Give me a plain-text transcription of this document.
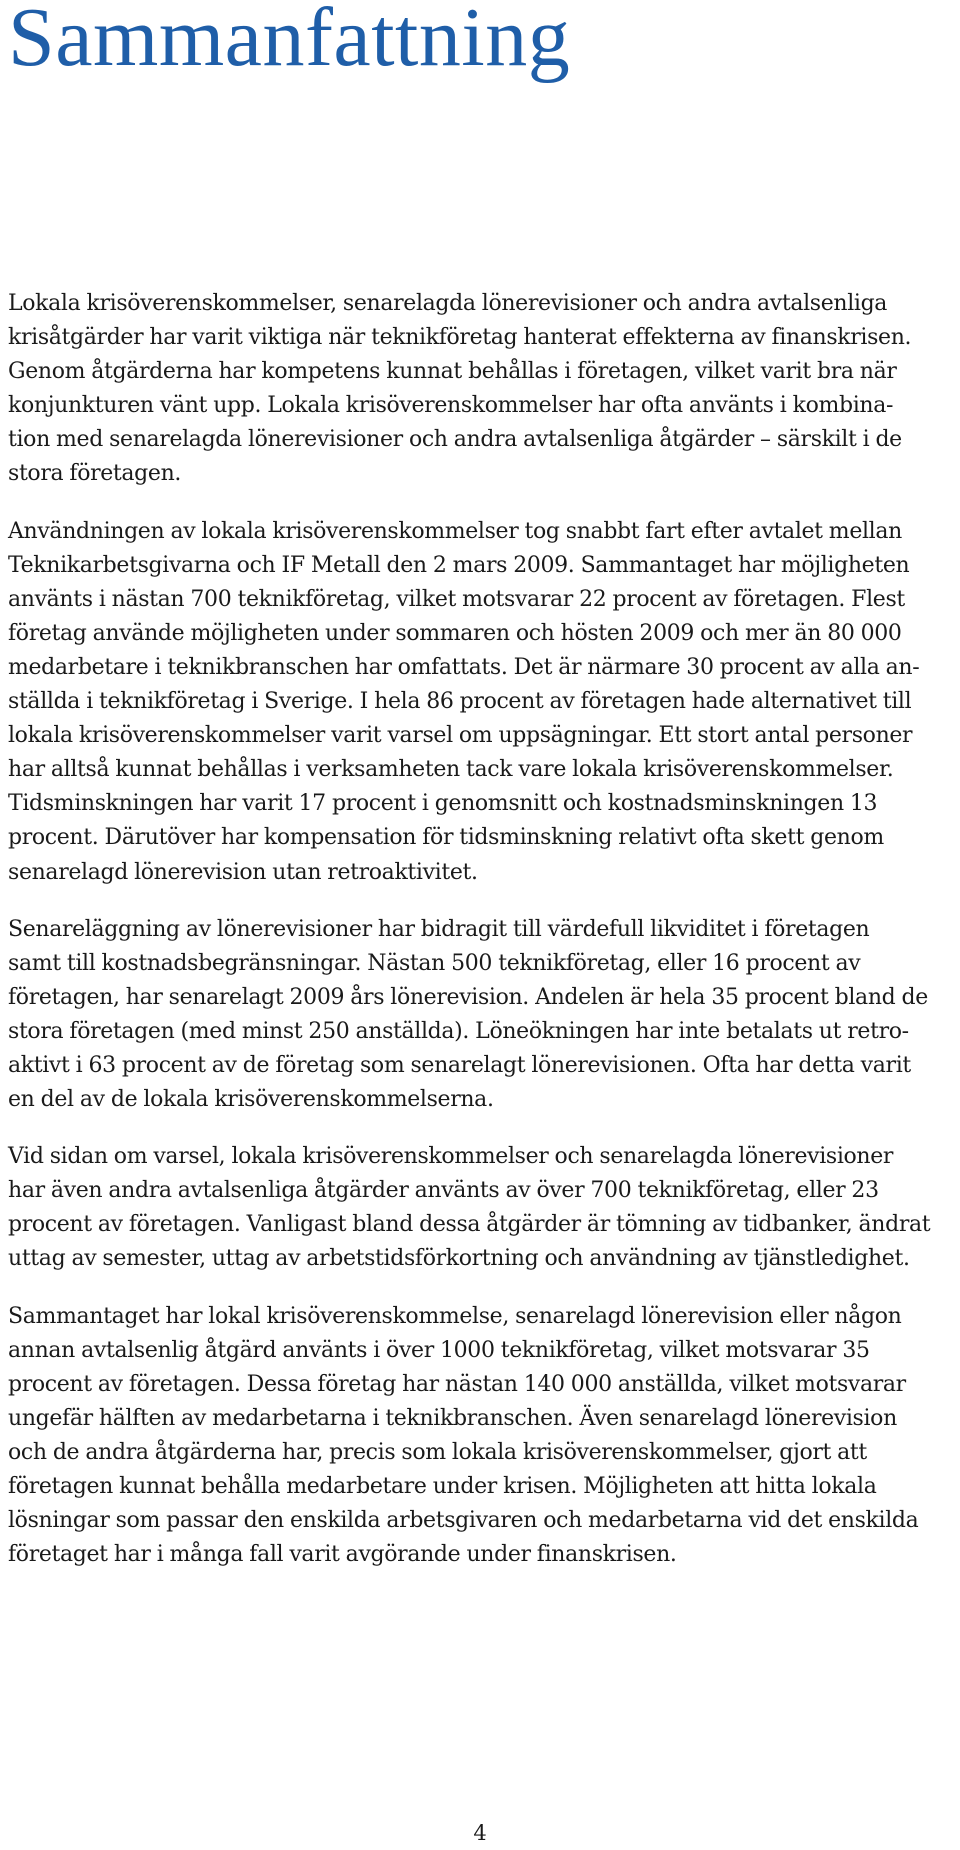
Sammanfattning

Lokala krisöverenskommelser, senarelagda lönerevisioner och andra avtalsenliga
krisåtgärder har varit viktiga när teknikföretag hanterat effekterna av finanskrisen.
Genom åtgärderna har kompetens kunnat behållas i företagen, vilket varit bra när
konjunkturen vänt upp. Lokala krisöverenskommelser har ofta använts i kombina-
tion med senarelagda lönerevisioner och andra avtalsenliga åtgärder – särskilt i de
stora företagen.

Användningen av lokala krisöverenskommelser tog snabbt fart efter avtalet mellan
Teknikarbetsgivarna och IF Metall den 2 mars 2009. Sammantaget har möjligheten
använts i nästan 700 teknikföretag, vilket motsvarar 22 procent av företagen. Flest
företag använde möjligheten under sommaren och hösten 2009 och mer än 80 000
medarbetare i teknikbranschen har omfattats. Det är närmare 30 procent av alla an-
ställda i teknikföretag i Sverige. I hela 86 procent av företagen hade alternativet till
lokala krisöverenskommelser varit varsel om uppsägningar. Ett stort antal personer
har alltså kunnat behållas i verksamheten tack vare lokala krisöverenskommelser.
Tidsminskningen har varit 17 procent i genomsnitt och kostnadsminskningen 13
procent. Därutöver har kompensation för tidsminskning relativt ofta skett genom
senarelagd lönerevision utan retroaktivitet.

Senareläggning av lönerevisioner har bidragit till värdefull likviditet i företagen
samt till kostnadsbegränsningar. Nästan 500 teknikföretag, eller 16 procent av
företagen, har senarelagt 2009 års lönerevision. Andelen är hela 35 procent bland de
stora företagen (med minst 250 anställda). Löneökningen har inte betalats ut retro-
aktivt i 63 procent av de företag som senarelagt lönerevisionen. Ofta har detta varit
en del av de lokala krisöverenskommelserna.

Vid sidan om varsel, lokala krisöverenskommelser och senarelagda lönerevisioner
har även andra avtalsenliga åtgärder använts av över 700 teknikföretag, eller 23
procent av företagen. Vanligast bland dessa åtgärder är tömning av tidbanker, ändrat
uttag av semester, uttag av arbetstidsförkortning och användning av tjänstledighet.

Sammantaget har lokal krisöverenskommelse, senarelagd lönerevision eller någon
annan avtalsenlig åtgärd använts i över 1000 teknikföretag, vilket motsvarar 35
procent av företagen. Dessa företag har nästan 140 000 anställda, vilket motsvarar
ungefär hälften av medarbetarna i teknikbranschen. Även senarelagd lönerevision
och de andra åtgärderna har, precis som lokala krisöverenskommelser, gjort att
företagen kunnat behålla medarbetare under krisen. Möjligheten att hitta lokala
lösningar som passar den enskilda arbetsgivaren och medarbetarna vid det enskilda
företaget har i många fall varit avgörande under finanskrisen.

4
